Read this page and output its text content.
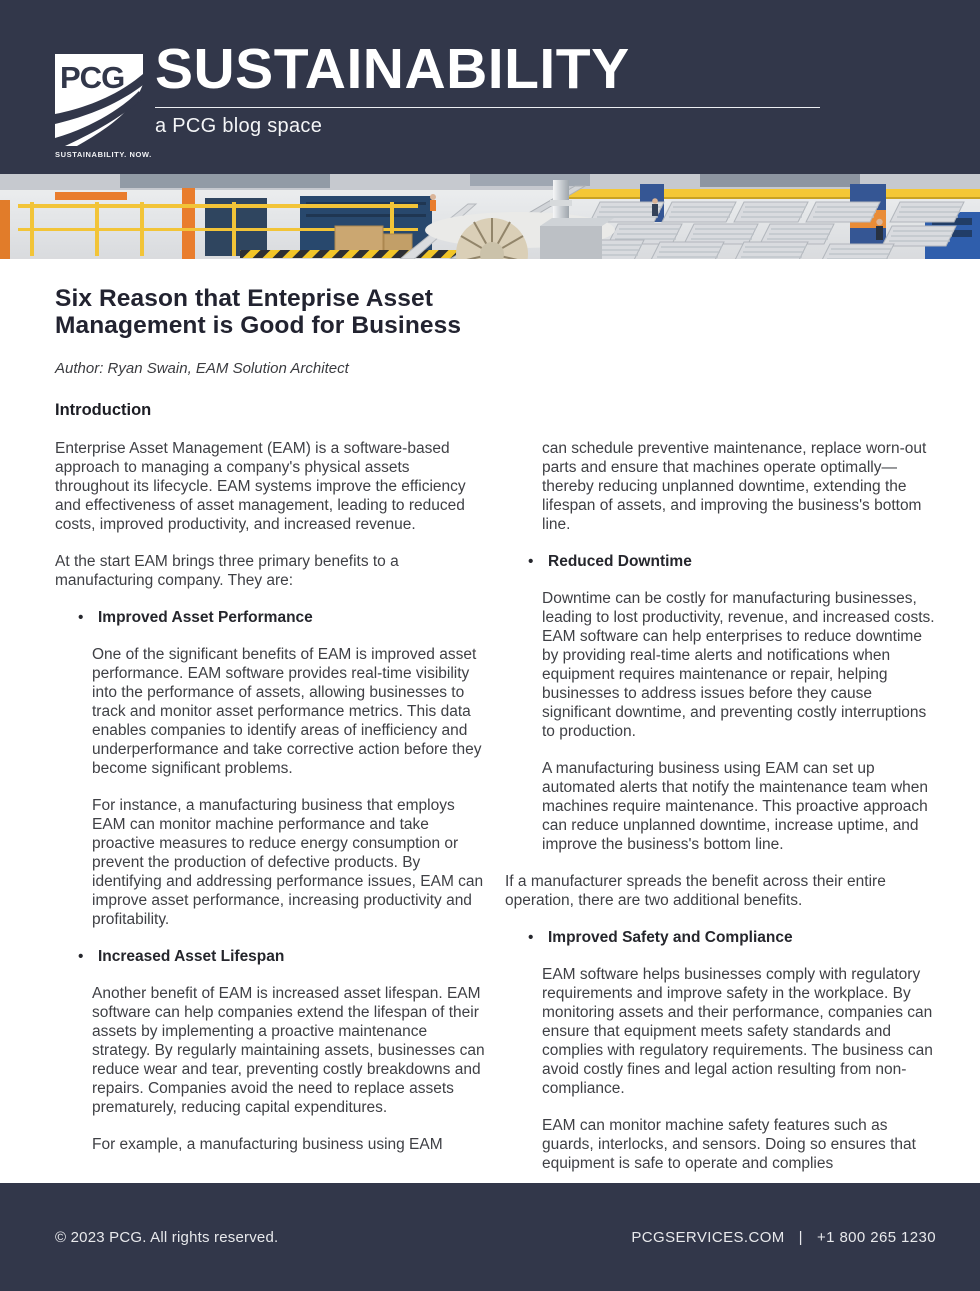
PCG
SUSTAINABILITY. NOW.
SUSTAINABILITY
a PCG blog space
Six Reason that Enteprise Asset Management is Good for Business

Author: Ryan Swain, EAM Solution Architect

Introduction

Enterprise Asset Management (EAM) is a software-based approach to managing a company's physical assets throughout its lifecycle. EAM systems improve the efficiency and effectiveness of asset management, leading to reduced costs, improved productivity, and increased revenue.

At the start EAM brings three primary benefits to a manufacturing company. They are:

•
Improved Asset Performance

One of the significant benefits of EAM is improved asset performance. EAM software provides real-time visibility into the performance of assets, allowing businesses to track and monitor asset performance metrics. This data enables companies to identify areas of inefficiency and underperformance and take corrective action before they become significant problems.

For instance, a manufacturing business that employs EAM can monitor machine performance and take proactive measures to reduce energy consumption or prevent the production of defective products. By identifying and addressing performance issues, EAM can improve asset performance, increasing productivity and profitability.

•
Increased Asset Lifespan

Another benefit of EAM is increased asset lifespan. EAM software can help companies extend the lifespan of their assets by implementing a proactive maintenance strategy. By regularly maintaining assets, businesses can reduce wear and tear, preventing costly breakdowns and repairs. Companies avoid the need to replace assets prematurely, reducing capital expenditures.

For example, a manufacturing business using EAM

can schedule preventive maintenance, replace worn-out parts and ensure that machines operate optimally—thereby reducing unplanned downtime, extending the lifespan of assets, and improving the business's bottom line.

•
Reduced Downtime

Downtime can be costly for manufacturing businesses, leading to lost productivity, revenue, and increased costs. EAM software can help enterprises to reduce downtime by providing real-time alerts and notifications when equipment requires maintenance or repair, helping businesses to address issues before they cause significant downtime, and preventing costly interruptions to production.

A manufacturing business using EAM can set up automated alerts that notify the maintenance team when machines require maintenance. This proactive approach can reduce unplanned downtime, increase uptime, and improve the business's bottom line.

If a manufacturer spreads the benefit across their entire operation, there are two additional benefits.

•
Improved Safety and Compliance

EAM software helps businesses comply with regulatory requirements and improve safety in the workplace. By monitoring assets and their performance, companies can ensure that equipment meets safety standards and complies with regulatory requirements. The business can avoid costly fines and legal action resulting from non-compliance.

EAM can monitor machine safety features such as guards, interlocks, and sensors. Doing so ensures that equipment is safe to operate and complies

© 2023 PCG. All rights reserved.	PCGSERVICES.COM | +1 800 265 1230
